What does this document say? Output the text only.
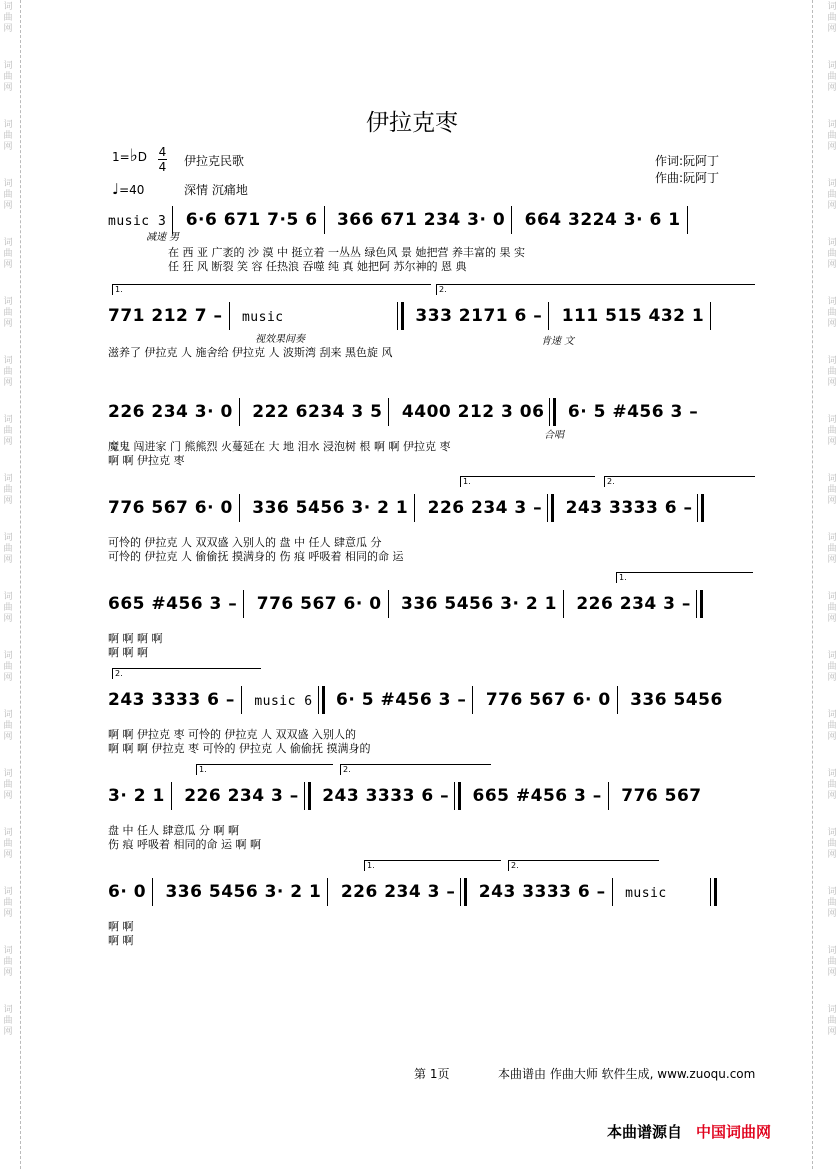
词
曲
网
词
曲
网
词
曲
网
词
曲
网
词
曲
网
词
曲
网
词
曲
网
词
曲
网
词
曲
网
词
曲
网
词
曲
网
词
曲
网
词
曲
网
词
曲
网
词
曲
网
词
曲
网
词
曲
网
词
曲
网
词
曲
网
词
曲
网
词
曲
网
词
曲
网
词
曲
网
词
曲
网
词
曲
网
词
曲
网
词
曲
网
词
曲
网
词
曲
网
词
曲
网
词
曲
网
词
曲
网
词
曲
网
词
曲
网
词
曲
网
词
曲
网
伊拉克枣
1=♭D 4
4 伊拉克民歌
♩=40	深情 沉痛地
作词:阮阿丁
作曲:阮阿丁
music 3 6·6 671 7·5 6 366 671 234 3· 0 664 3224 3· 6 1
减速 男
在 西 亚 广袤的 沙 漠 中 挺立着 一丛丛 绿色风 景 她把营 养丰富的 果 实
任 狂 风 断裂 笑 容 任热浪 吞噬 纯 真 她把阿 苏尔神的 恩 典
1.	2.
771 212 7 – music	333 2171 6 – 111 515 432 1
视效果间奏	肯速 文
滋养了 伊拉克 人 施舍给 伊拉克 人 波斯湾 刮来 黑色旋 风
226 234 3· 0 222 6234 3 5 4400 212 3 06 6· 5 #456 3 –
合唱
魔鬼 闯进家 门 熊熊烈 火蔓延在 大 地 泪水 浸泡树 根 啊 啊 伊拉克 枣
啊 啊 伊拉克 枣
1.	2.
776 567 6· 0 336 5456 3· 2 1 226 234 3 – 243 3333 6 –
可怜的 伊拉克 人 双双盛 入别人的 盘 中 任人 肆意瓜 分
可怜的 伊拉克 人 偷偷抚 摸满身的 伤 痕 呼吸着 相同的命 运
1.
665 #456 3 – 776 567 6· 0 336 5456 3· 2 1 226 234 3 –
啊 啊 啊 啊
啊 啊 啊
2.
243 3333 6 – music 6 6· 5 #456 3 – 776 567 6· 0 336 5456
啊 啊 伊拉克 枣 可怜的 伊拉克 人 双双盛 入别人的
啊 啊 啊 伊拉克 枣 可怜的 伊拉克 人 偷偷抚 摸满身的
1.	2.
3· 2 1 226 234 3 – 243 3333 6 – 665 #456 3 – 776 567
盘 中 任人 肆意瓜 分 啊 啊
伤 痕 呼吸着 相同的命 运 啊 啊
1.	2.
6· 0 336 5456 3· 2 1 226 234 3 – 243 3333 6 – music
啊 啊
啊 啊
第 1页	本曲谱由 作曲大师 软件生成, www.zuoqu.com
本曲谱源自 中国词曲网
